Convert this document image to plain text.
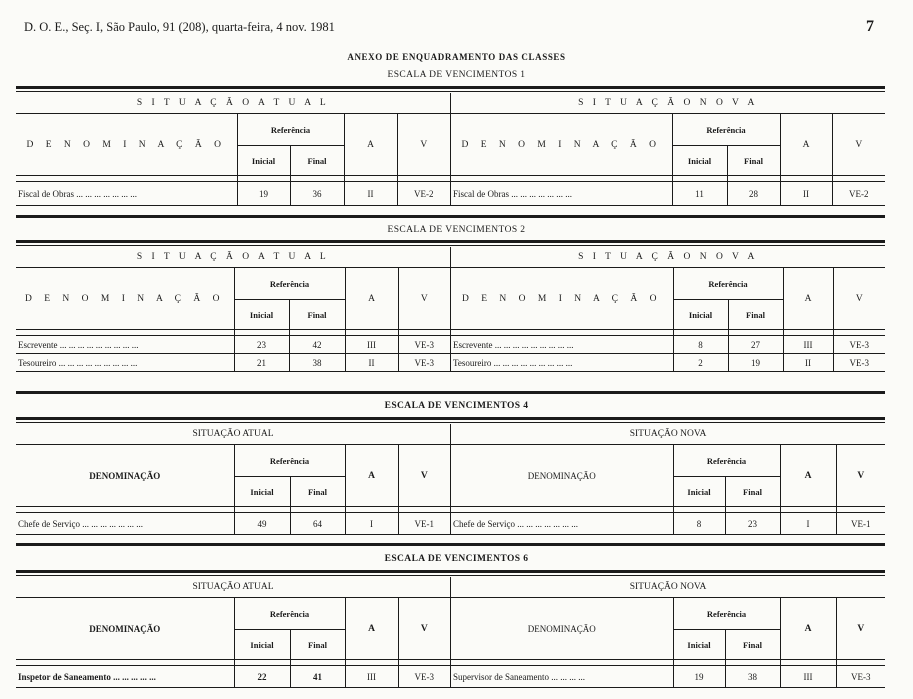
D. O. E., Seç. I, São Paulo, 91 (208), quarta-feira, 4 nov. 1981	7
ANEXO DE ENQUADRAMENTO DAS CLASSES
ESCALA DE VENCIMENTOS 1
S I T U A Ç Ã O A T U A L				
D E N O M I N A Ç Ã O	Referência		A	V
	Inicial	Final		

Fiscal de Obras ... ... ... ... ... ... ...	19	36	II	VE-2
S I T U A Ç Ã O N O V A				
D E N O M I N A Ç Ã O	Referência		A	V
	Inicial	Final		

Fiscal de Obras ... ... ... ... ... ... ...	11	28	II	VE-2
ESCALA DE VENCIMENTOS 2
S I T U A Ç Ã O A T U A L				
D E N O M I N A Ç Ã O	Referência		A	V
	Inicial	Final		

Escrevente ... ... ... ... ... ... ... ... ...	23	42	III	VE-3
Tesoureiro ... ... ... ... ... ... ... ... ...	21	38	II	VE-3
S I T U A Ç Ã O N O V A				
D E N O M I N A Ç Ã O	Referência		A	V
	Inicial	Final		

Escrevente ... ... ... ... ... ... ... ... ...	8	27	III	VE-3
Tesoureiro ... ... ... ... ... ... ... ... ...	2	19	II	VE-3
ESCALA DE VENCIMENTOS 4
SITUAÇÃO ATUAL				
DENOMINAÇÃO	Referência		A	V
	Inicial	Final		

Chefe de Serviço ... ... ... ... ... ... ...	49	64	I	VE-1
SITUAÇÃO NOVA				
DENOMINAÇÃO	Referência		A	V
	Inicial	Final		

Chefe de Serviço ... ... ... ... ... ... ...	8	23	I	VE-1
ESCALA DE VENCIMENTOS 6
SITUAÇÃO ATUAL				
DENOMINAÇÃO	Referência		A	V
	Inicial	Final		

Inspetor de Saneamento ... ... ... ... ...	22	41	III	VE-3
SITUAÇÃO NOVA				
DENOMINAÇÃO	Referência		A	V
	Inicial	Final		

Supervisor de Saneamento ... ... ... ...	19	38	III	VE-3
